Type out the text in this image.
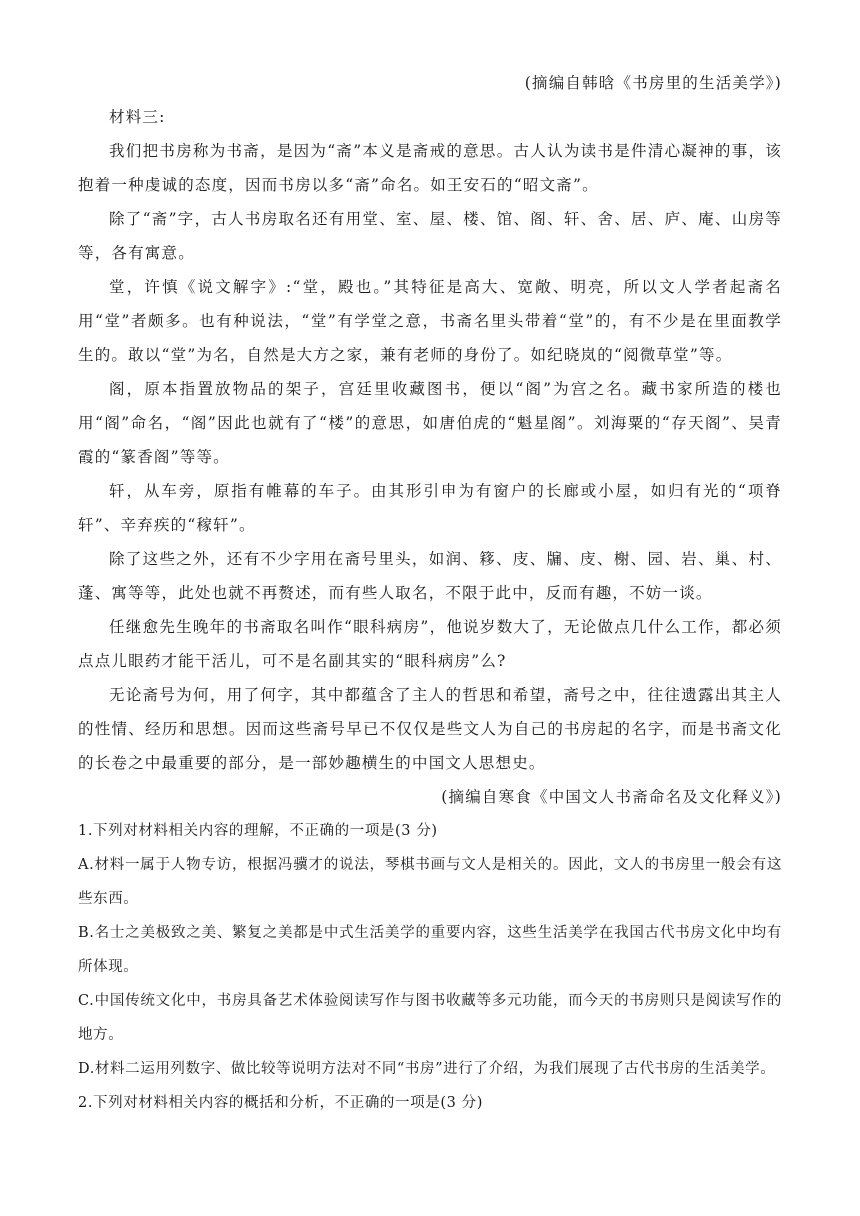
(摘编自韩晗《书房里的生活美学》)
材料三:
我们把书房称为书斋，是因为“斋”本义是斋戒的意思。古人认为读书是件清心凝神的事，该抱着一种虔诚的态度，因而书房以多“斋”命名。如王安石的“昭文斋”。
除了“斋”字，古人书房取名还有用堂、室、屋、楼、馆、阁、轩、舍、居、庐、庵、山房等等，各有寓意。
堂，许慎《说文解字》:“堂，殿也。”其特征是高大、宽敞、明亮，所以文人学者起斋名用“堂”者颇多。也有种说法，“堂”有学堂之意，书斋名里头带着“堂”的，有不少是在里面教学生的。敢以“堂”为名，自然是大方之家，兼有老师的身份了。如纪晓岚的“阅微草堂”等。
阁，原本指置放物品的架子，宫廷里收藏图书，便以“阁”为宫之名。藏书家所造的楼也用“阁”命名，“阁”因此也就有了“楼”的意思，如唐伯虎的“魁星阁”。刘海粟的“存天阁”、吴青霞的“篆香阁”等等。
轩，从车旁，原指有帷幕的车子。由其形引申为有窗户的长廊或小屋，如归有光的“项脊轩”、辛弃疾的“稼轩”。
除了这些之外，还有不少字用在斋号里头，如润、簃、庋、牖、庋、榭、园、岩、巢、村、蓬、寓等等，此处也就不再赘述，而有些人取名，不限于此中，反而有趣，不妨一谈。
任继愈先生晚年的书斋取名叫作“眼科病房”，他说岁数大了，无论做点几什么工作，都必须点点儿眼药才能干活儿，可不是名副其实的“眼科病房”么?
无论斋号为何，用了何字，其中都蕴含了主人的哲思和希望，斋号之中，往往遗露出其主人的性情、经历和思想。因而这些斋号早已不仅仅是些文人为自己的书房起的名字，而是书斋文化的长卷之中最重要的部分，是一部妙趣横生的中国文人思想史。
(摘编自寒食《中国文人书斋命名及文化释义》)
1.下列对材料相关内容的理解，不正确的一项是(3 分)
A.材料一属于人物专访，根据冯骥才的说法，琴棋书画与文人是相关的。因此，文人的书房里一般会有这些东西。
B.名士之美极致之美、繁复之美都是中式生活美学的重要内容，这些生活美学在我国古代书房文化中均有所体现。
C.中国传统文化中，书房具备艺术体验阅读写作与图书收藏等多元功能，而今天的书房则只是阅读写作的地方。
D.材料二运用列数字、做比较等说明方法对不同“书房”进行了介绍，为我们展现了古代书房的生活美学。
2.下列对材料相关内容的概括和分析，不正确的一项是(3 分)
